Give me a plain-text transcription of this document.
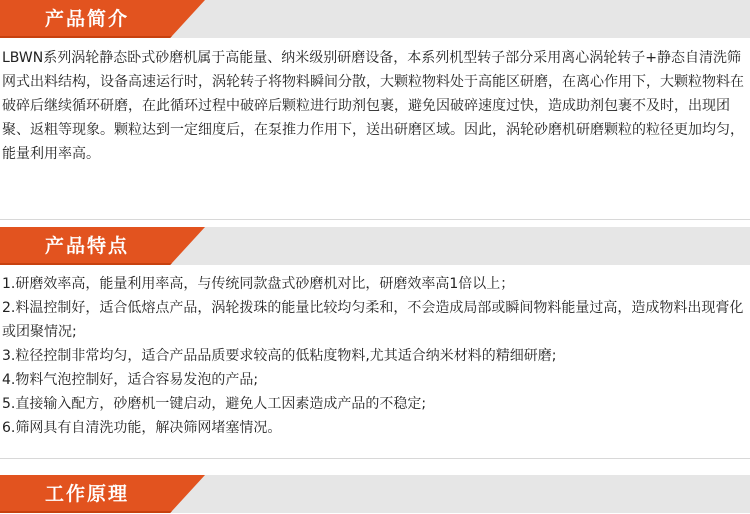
产品简介

LBWN系列涡轮静态卧式砂磨机属于高能量、纳米级别研磨设备，本系列机型转子部分采用离心涡轮转子+静态自清洗筛网式出料结构，设备高速运行时，涡轮转子将物料瞬间分散，大颗粒物料处于高能区研磨，在离心作用下，大颗粒物料在破碎后继续循环研磨，在此循环过程中破碎后颗粒进行助剂包裹，避免因破碎速度过快，造成助剂包裹不及时，出现团聚、返粗等现象。颗粒达到一定细度后，在泵推力作用下，送出研磨区域。因此，涡轮砂磨机研磨颗粒的粒径更加均匀，能量利用率高。

产品特点
1.研磨效率高，能量利用率高，与传统同款盘式砂磨机对比，研磨效率高1倍以上；
2.料温控制好，适合低熔点产品，涡轮拨珠的能量比较均匀柔和，不会造成局部或瞬间物料能量过高，造成物料出现膏化或团聚情况;
3.粒径控制非常均匀，适合产品品质要求较高的低粘度物料,尤其适合纳米材料的精细研磨;
4.物料气泡控制好，适合容易发泡的产品;
5.直接输入配方，砂磨机一键启动，避免人工因素造成产品的不稳定;
6.筛网具有自清洗功能，解决筛网堵塞情况。
工作原理
